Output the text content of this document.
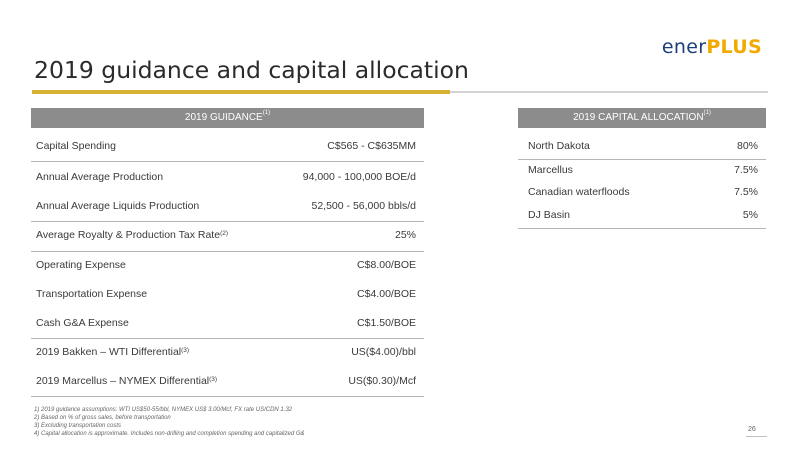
enerPLUS
2019 guidance and capital allocation
2019 GUIDANCE$^{(1)}$
Capital Spending	C$565 - C$635MM
Annual Average Production	94,000 - 100,000 BOE/d
Annual Average Liquids Production	52,500 - 56,000 bbls/d
Average Royalty & Production Tax Rate$^{(2)}$	25%
Operating Expense	C$8.00/BOE
Transportation Expense	C$4.00/BOE
Cash G&A Expense	C$1.50/BOE
2019 Bakken – WTI Differential$^{(3)}$	US($4.00)/bbl
2019 Marcellus – NYMEX Differential$^{(3)}$	US($0.30)/Mcf
2019 CAPITAL ALLOCATION$^{(1)}$
North Dakota	80%
Marcellus	7.5%
Canadian waterfloods	7.5%
DJ Basin	5%
1) 2019 guidance assumptions: WTI US$50-55/bbl, NYMEX US$ 3.00/Mcf, FX rate US/CDN 1.32
2) Based on % of gross sales, before transportation
3) Excluding transportation costs
4) Capital allocation is approximate. Includes non-drilling and completion spending and capitalized G&
26
